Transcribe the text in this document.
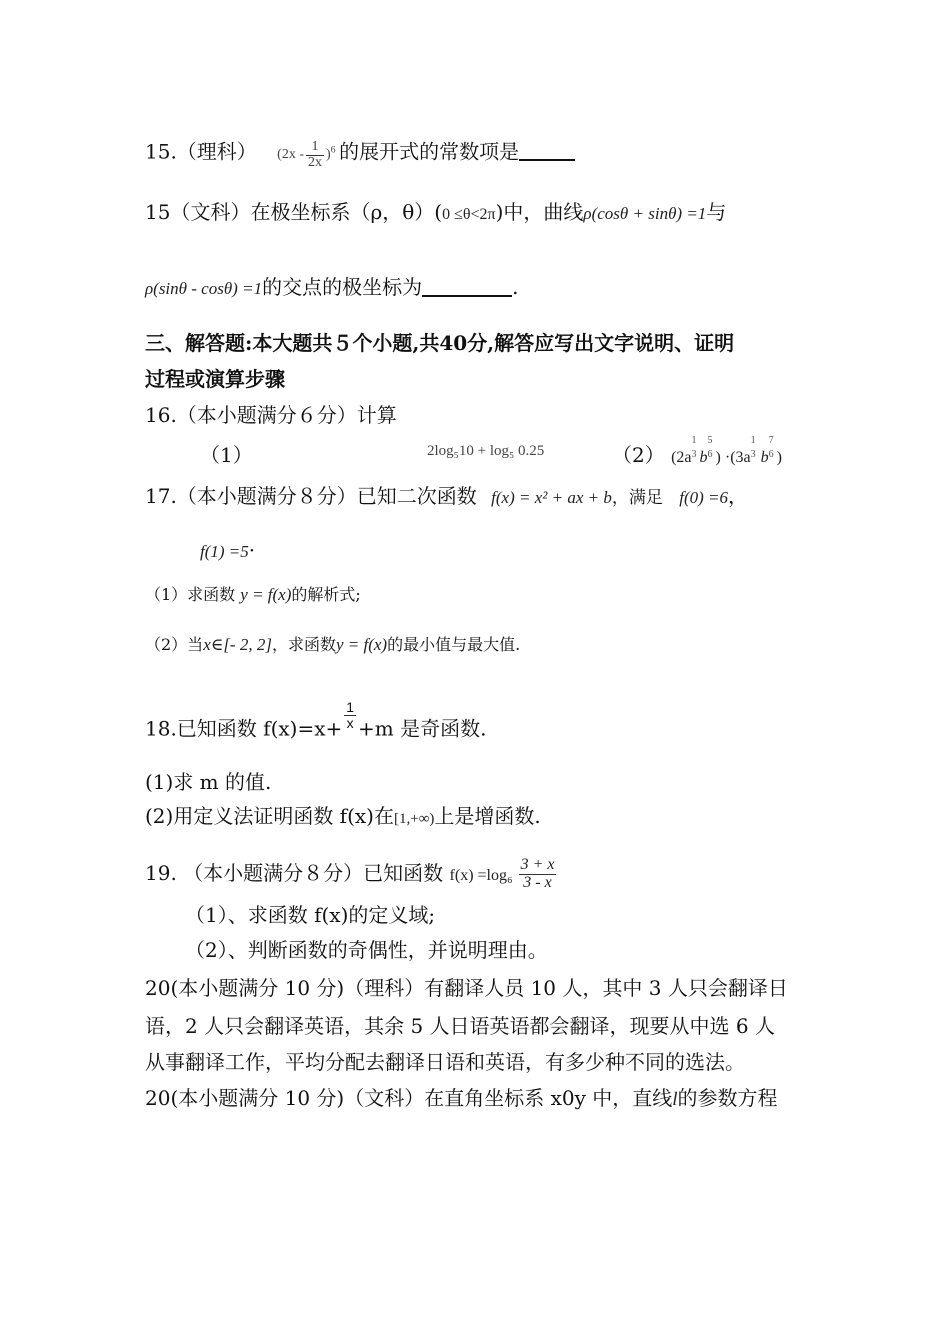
15.（理科） $(2x - \frac{1}{2x} )^6$ 的展开式的常数项是
15（文科）在极坐标系（ρ，θ）(0 ≤θ<2π)中，曲线ρ(cosθ + sinθ) =1与
ρ(sinθ - cosθ) =1的交点的极坐标为	.
三、解答题:本大题共５个小题,共40分,解答应写出文字说明、证明
过程或演算步骤
16.（本小题满分６分）计算
（1）	2log₅10 + log₅ 0.25	（2） (2a
1
3 b
5
6 ) ·(3a
1
3 b
7
6 )
17.（本小题满分８分）已知二次函数 f(x) = x² + ax + b，满足 f(0) =6，
f(1) =5·
（1）求函数 y = f(x)的解析式;
（2）当x∈[- 2, 2]，求函数y = f(x)的最小值与最大值.
18.已知函数 $f(x)=x+ \frac{1}{x} +m$ 是奇函数.
(1)求 m 的值.
(2)用定义法证明函数 f(x)在[1,+∞)上是增函数.
19. （本小题满分８分）已知函数 $f(x) =\log_6 \frac{3 + x}{3 - x}$
（1）、求函数 f(x)的定义域;
（2）、判断函数的奇偶性，并说明理由。
20(本小题满分 10 分)（理科）有翻译人员 10 人，其中 3 人只会翻译日
语，2 人只会翻译英语，其余 5 人日语英语都会翻译，现要从中选 6 人
从事翻译工作，平均分配去翻译日语和英语，有多少种不同的选法。
20(本小题满分 10 分)（文科）在直角坐标系 x0y 中，直线l的参数方程
